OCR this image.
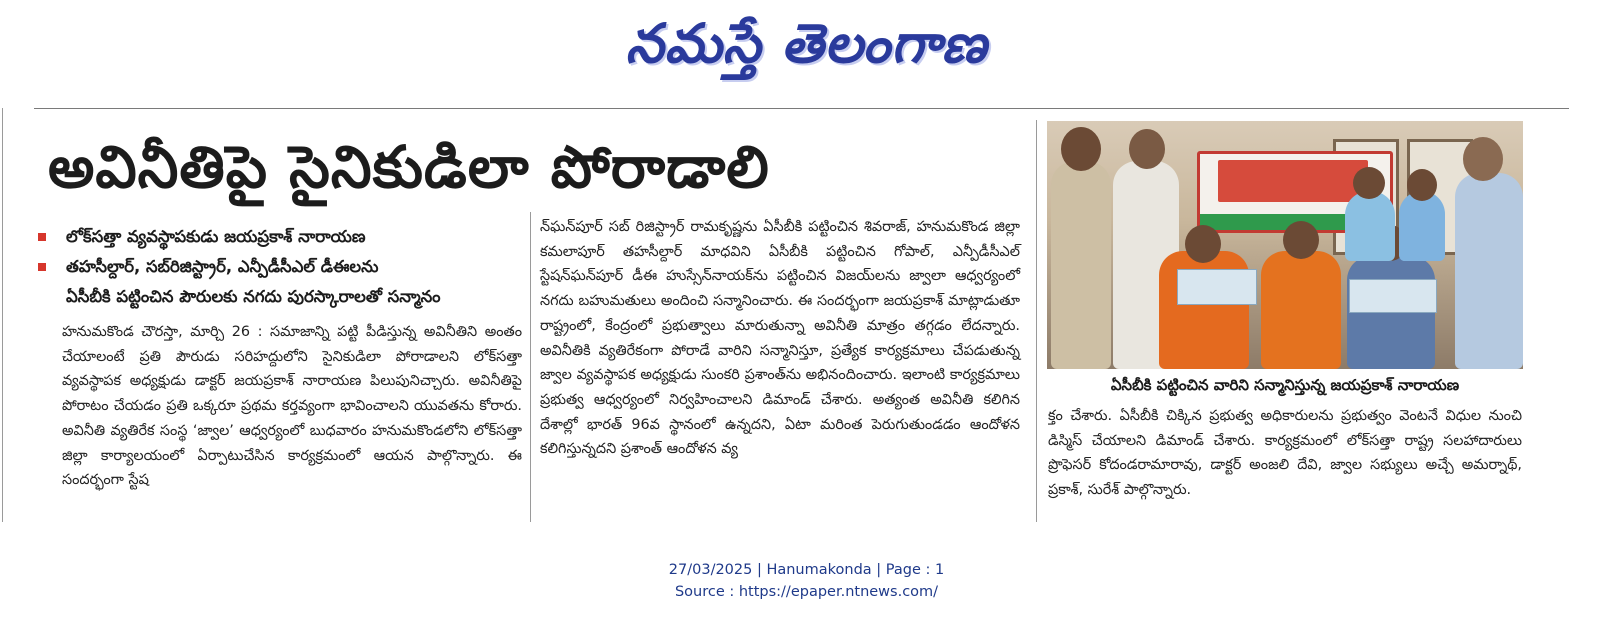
నమస్తే తెలంగాణ
అవినీతిపై సైనికుడిలా పోరాడాలి
లోక్‌సత్తా వ్యవస్థాపకుడు జయప్రకాశ్ నారాయణ
తహసీల్దార్, సబ్‌రిజిస్ట్రార్, ఎన్పీడీసీఎల్ డీఈలను
ఏసీబీకి పట్టించిన పౌరులకు నగదు పురస్కారాలతో సన్మానం

హనుమకొండ చౌరస్తా, మార్చి 26 : సమాజాన్ని పట్టి పీడిస్తున్న అవినీతిని అంతం చేయాలంటే ప్రతి పౌరుడు సరిహద్దులోని సైనికుడిలా పోరాడాలని లోక్‌సత్తా వ్యవస్థాపక అధ్యక్షుడు డాక్టర్ జయప్రకాశ్ నారాయణ పిలుపునిచ్చారు. అవినీతిపై పోరాటం చేయడం ప్రతి ఒక్కరూ ప్రథమ కర్తవ్యంగా భావించాలని యువతను కోరారు. అవినీతి వ్యతిరేక సంస్థ ‘జ్వాల’ ఆధ్వర్యంలో బుధవారం హనుమకొండలోని లోక్‌సత్తా జిల్లా కార్యాలయంలో ఏర్పాటుచేసిన కార్యక్రమంలో ఆయన పాల్గొన్నారు. ఈ సందర్భంగా స్టేష

న్‌ఘన్‌పూర్ సబ్ రిజిస్ట్రార్ రామకృష్ణను ఏసీబీకి పట్టించిన శివరాజ్, హనుమకొండ జిల్లా కమలాపూర్ తహసీల్దార్ మాధవిని ఏసీబీకి పట్టించిన గోపాల్, ఎన్పీడీసీఎల్ స్టేషన్‌ఘన్‌పూర్ డీఈ హుస్సేన్‌నాయక్‌ను పట్టించిన విజయ్‌లను జ్వాలా ఆధ్వర్యంలో నగదు బహుమతులు అందించి సన్మానించారు. ఈ సందర్భంగా జయప్రకాశ్ మాట్లాడుతూ రాష్ట్రంలో, కేంద్రంలో ప్రభుత్వాలు మారుతున్నా అవినీతి మాత్రం తగ్గడం లేదన్నారు. అవినీతికి వ్యతిరేకంగా పోరాడే వారిని సన్మానిస్తూ, ప్రత్యేక కార్యక్రమాలు చేపడుతున్న జ్వాల వ్యవస్థాపక అధ్యక్షుడు సుంకరి ప్రశాంత్‌ను అభినందించారు. ఇలాంటి కార్యక్రమాలు ప్రభుత్వ ఆధ్వర్యంలో నిర్వహించాలని డిమాండ్ చేశారు. అత్యంత అవినీతి కలిగిన దేశాల్లో భారత్ 96వ స్థానంలో ఉన్నదని, ఏటా మరింత పెరుగుతుండడం ఆందోళన కలిగిస్తున్నదని ప్రశాంత్ ఆందోళన వ్య

ఏసీబీకి పట్టించిన వారిని సన్మానిస్తున్న జయప్రకాశ్ నారాయణ

క్తం చేశారు. ఏసీబీకి చిక్కిన ప్రభుత్వ అధికారులను ప్రభుత్వం వెంటనే విధుల నుంచి డిస్మిస్ చేయాలని డిమాండ్ చేశారు. కార్యక్రమంలో లోక్‌సత్తా రాష్ట్ర సలహాదారులు ప్రొఫెసర్ కోదండరామారావు, డాక్టర్ అంజలి దేవి, జ్వాల సభ్యులు అచ్చే అమర్నాథ్, ప్రకాశ్, సురేశ్ పాల్గొన్నారు.

27/03/2025 | Hanumakonda | Page : 1
Source : https://epaper.ntnews.com/
